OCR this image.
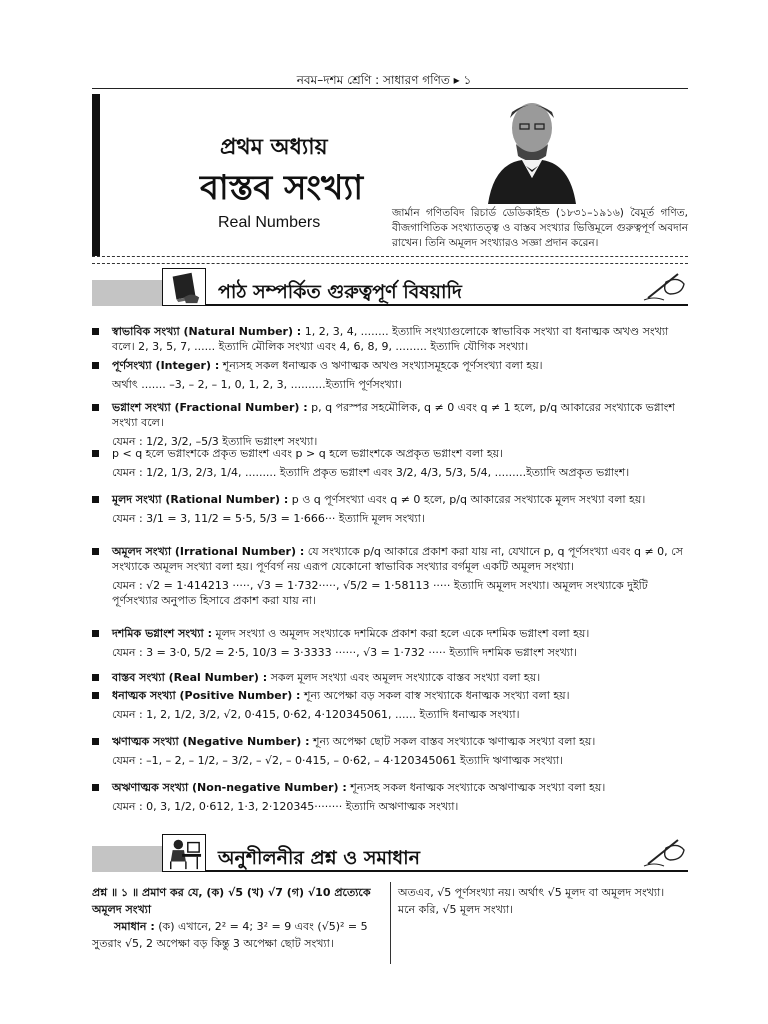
নবম–দশম শ্রেণি : সাধারণ গণিত ▸ ১
প্রথম অধ্যায়
বাস্তব সংখ্যা
Real Numbers
জার্মান গণিতবিদ রিচার্ড ডেডিকাইন্ড (১৮৩১–১৯১৬) বৈমূর্ত গণিত, বীজগাণিতিক সংখ্যাতত্ত্ব ও বাস্তব সংখ্যার ভিত্তিমূলে গুরুত্বপূর্ণ অবদান রাখেন। তিনি অমূলদ সংখ্যারও সজ্ঞা প্রদান করেন।
পাঠ সম্পর্কিত গুরুত্বপূর্ণ বিষয়াদি
স্বাভাবিক সংখ্যা (Natural Number) : 1, 2, 3, 4, ........ ইত্যাদি সংখ্যাগুলোকে স্বাভাবিক সংখ্যা বা ধনাত্মক অখণ্ড সংখ্যা বলে। 2, 3, 5, 7, ...... ইত্যাদি মৌলিক সংখ্যা এবং 4, 6, 8, 9, ......... ইত্যাদি যৌগিক সংখ্যা।
পূর্ণসংখ্যা (Integer) : শূন্যসহ সকল ধনাত্মক ও ঋণাত্মক অখণ্ড সংখ্যাসমূহকে পূর্ণসংখ্যা বলা হয়।
অর্থাৎ ....... –3, – 2, – 1, 0, 1, 2, 3, ..........ইত্যাদি পূর্ণসংখ্যা।
ভগ্নাংশ সংখ্যা (Fractional Number) : p, q পরস্পর সহমৌলিক, q ≠ 0 এবং q ≠ 1 হলে, p/q আকারের সংখ্যাকে ভগ্নাংশ সংখ্যা বলে।
যেমন : 1/2, 3/2, –5/3 ইত্যাদি ভগ্নাংশ সংখ্যা।
p < q হলে ভগ্নাংশকে প্রকৃত ভগ্নাংশ এবং p > q হলে ভগ্নাংশকে অপ্রকৃত ভগ্নাংশ বলা হয়।
যেমন : 1/2, 1/3, 2/3, 1/4, ......... ইত্যাদি প্রকৃত ভগ্নাংশ এবং 3/2, 4/3, 5/3, 5/4, .........ইত্যাদি অপ্রকৃত ভগ্নাংশ।
মূলদ সংখ্যা (Rational Number) : p ও q পূর্ণসংখ্যা এবং q ≠ 0 হলে, p/q আকারের সংখ্যাকে মূলদ সংখ্যা বলা হয়।
যেমন : 3/1 = 3, 11/2 = 5·5, 5/3 = 1·666··· ইত্যাদি মূলদ সংখ্যা।
অমূলদ সংখ্যা (Irrational Number) : যে সংখ্যাকে p/q আকারে প্রকাশ করা যায় না, যেখানে p, q পূর্ণসংখ্যা এবং q ≠ 0, সে সংখ্যাকে অমূলদ সংখ্যা বলা হয়। পূর্ণবর্গ নয় এরূপ যেকোনো স্বাভাবিক সংখ্যার বর্গমূল একটি অমূলদ সংখ্যা।
যেমন : √2 = 1·414213 ·····, √3 = 1·732·····, √5/2 = 1·58113 ····· ইত্যাদি অমূলদ সংখ্যা। অমূলদ সংখ্যাকে দুইটি পূর্ণসংখ্যার অনুপাত হিসাবে প্রকাশ করা যায় না।
দশমিক ভগ্নাংশ সংখ্যা : মূলদ সংখ্যা ও অমূলদ সংখ্যাকে দশমিকে প্রকাশ করা হলে একে দশমিক ভগ্নাংশ বলা হয়।
যেমন : 3 = 3·0, 5/2 = 2·5, 10/3 = 3·3333 ······, √3 = 1·732 ····· ইত্যাদি দশমিক ভগ্নাংশ সংখ্যা।
বাস্তব সংখ্যা (Real Number) : সকল মূলদ সংখ্যা এবং অমূলদ সংখ্যাকে বাস্তব সংখ্যা বলা হয়।
ধনাত্মক সংখ্যা (Positive Number) : শূন্য অপেক্ষা বড় সকল বাস্ব সংখ্যাকে ধনাত্মক সংখ্যা বলা হয়।
যেমন : 1, 2, 1/2, 3/2, √2, 0·415, 0·6̇2̇, 4·120345061, ...... ইত্যাদি ধনাত্মক সংখ্যা।
ঋণাত্মক সংখ্যা (Negative Number) : শূন্য অপেক্ষা ছোট সকল বাস্তব সংখ্যাকে ঋণাত্মক সংখ্যা বলা হয়।
যেমন : –1, – 2, – 1/2, – 3/2, – √2, – 0·415, – 0·6̇2̇, – 4·120345061 ইত্যাদি ঋণাত্মক সংখ্যা।
অঋণাত্মক সংখ্যা (Non-negative Number) : শূন্যসহ সকল ধনাত্মক সংখ্যাকে অঋণাত্মক সংখ্যা বলা হয়।
যেমন : 0, 3, 1/2, 0·612, 1·3̇, 2·120345········ ইত্যাদি অঋণাত্মক সংখ্যা।
অনুশীলনীর প্রশ্ন ও সমাধান
প্রশ্ন ॥ ১ ॥ প্রমাণ কর যে, (ক) √5 (খ) √7 (গ) √10 প্রত্যেকে অমূলদ সংখ্যা
সমাধান : (ক) এখানে, 2² = 4; 3² = 9 এবং (√5)² = 5
সুতরাং √5, 2 অপেক্ষা বড় কিন্তু 3 অপেক্ষা ছোট সংখ্যা।
অতএব, √5 পূর্ণসংখ্যা নয়। অর্থাৎ √5 মূলদ বা অমূলদ সংখ্যা।
মনে করি, √5 মূলদ সংখ্যা।
